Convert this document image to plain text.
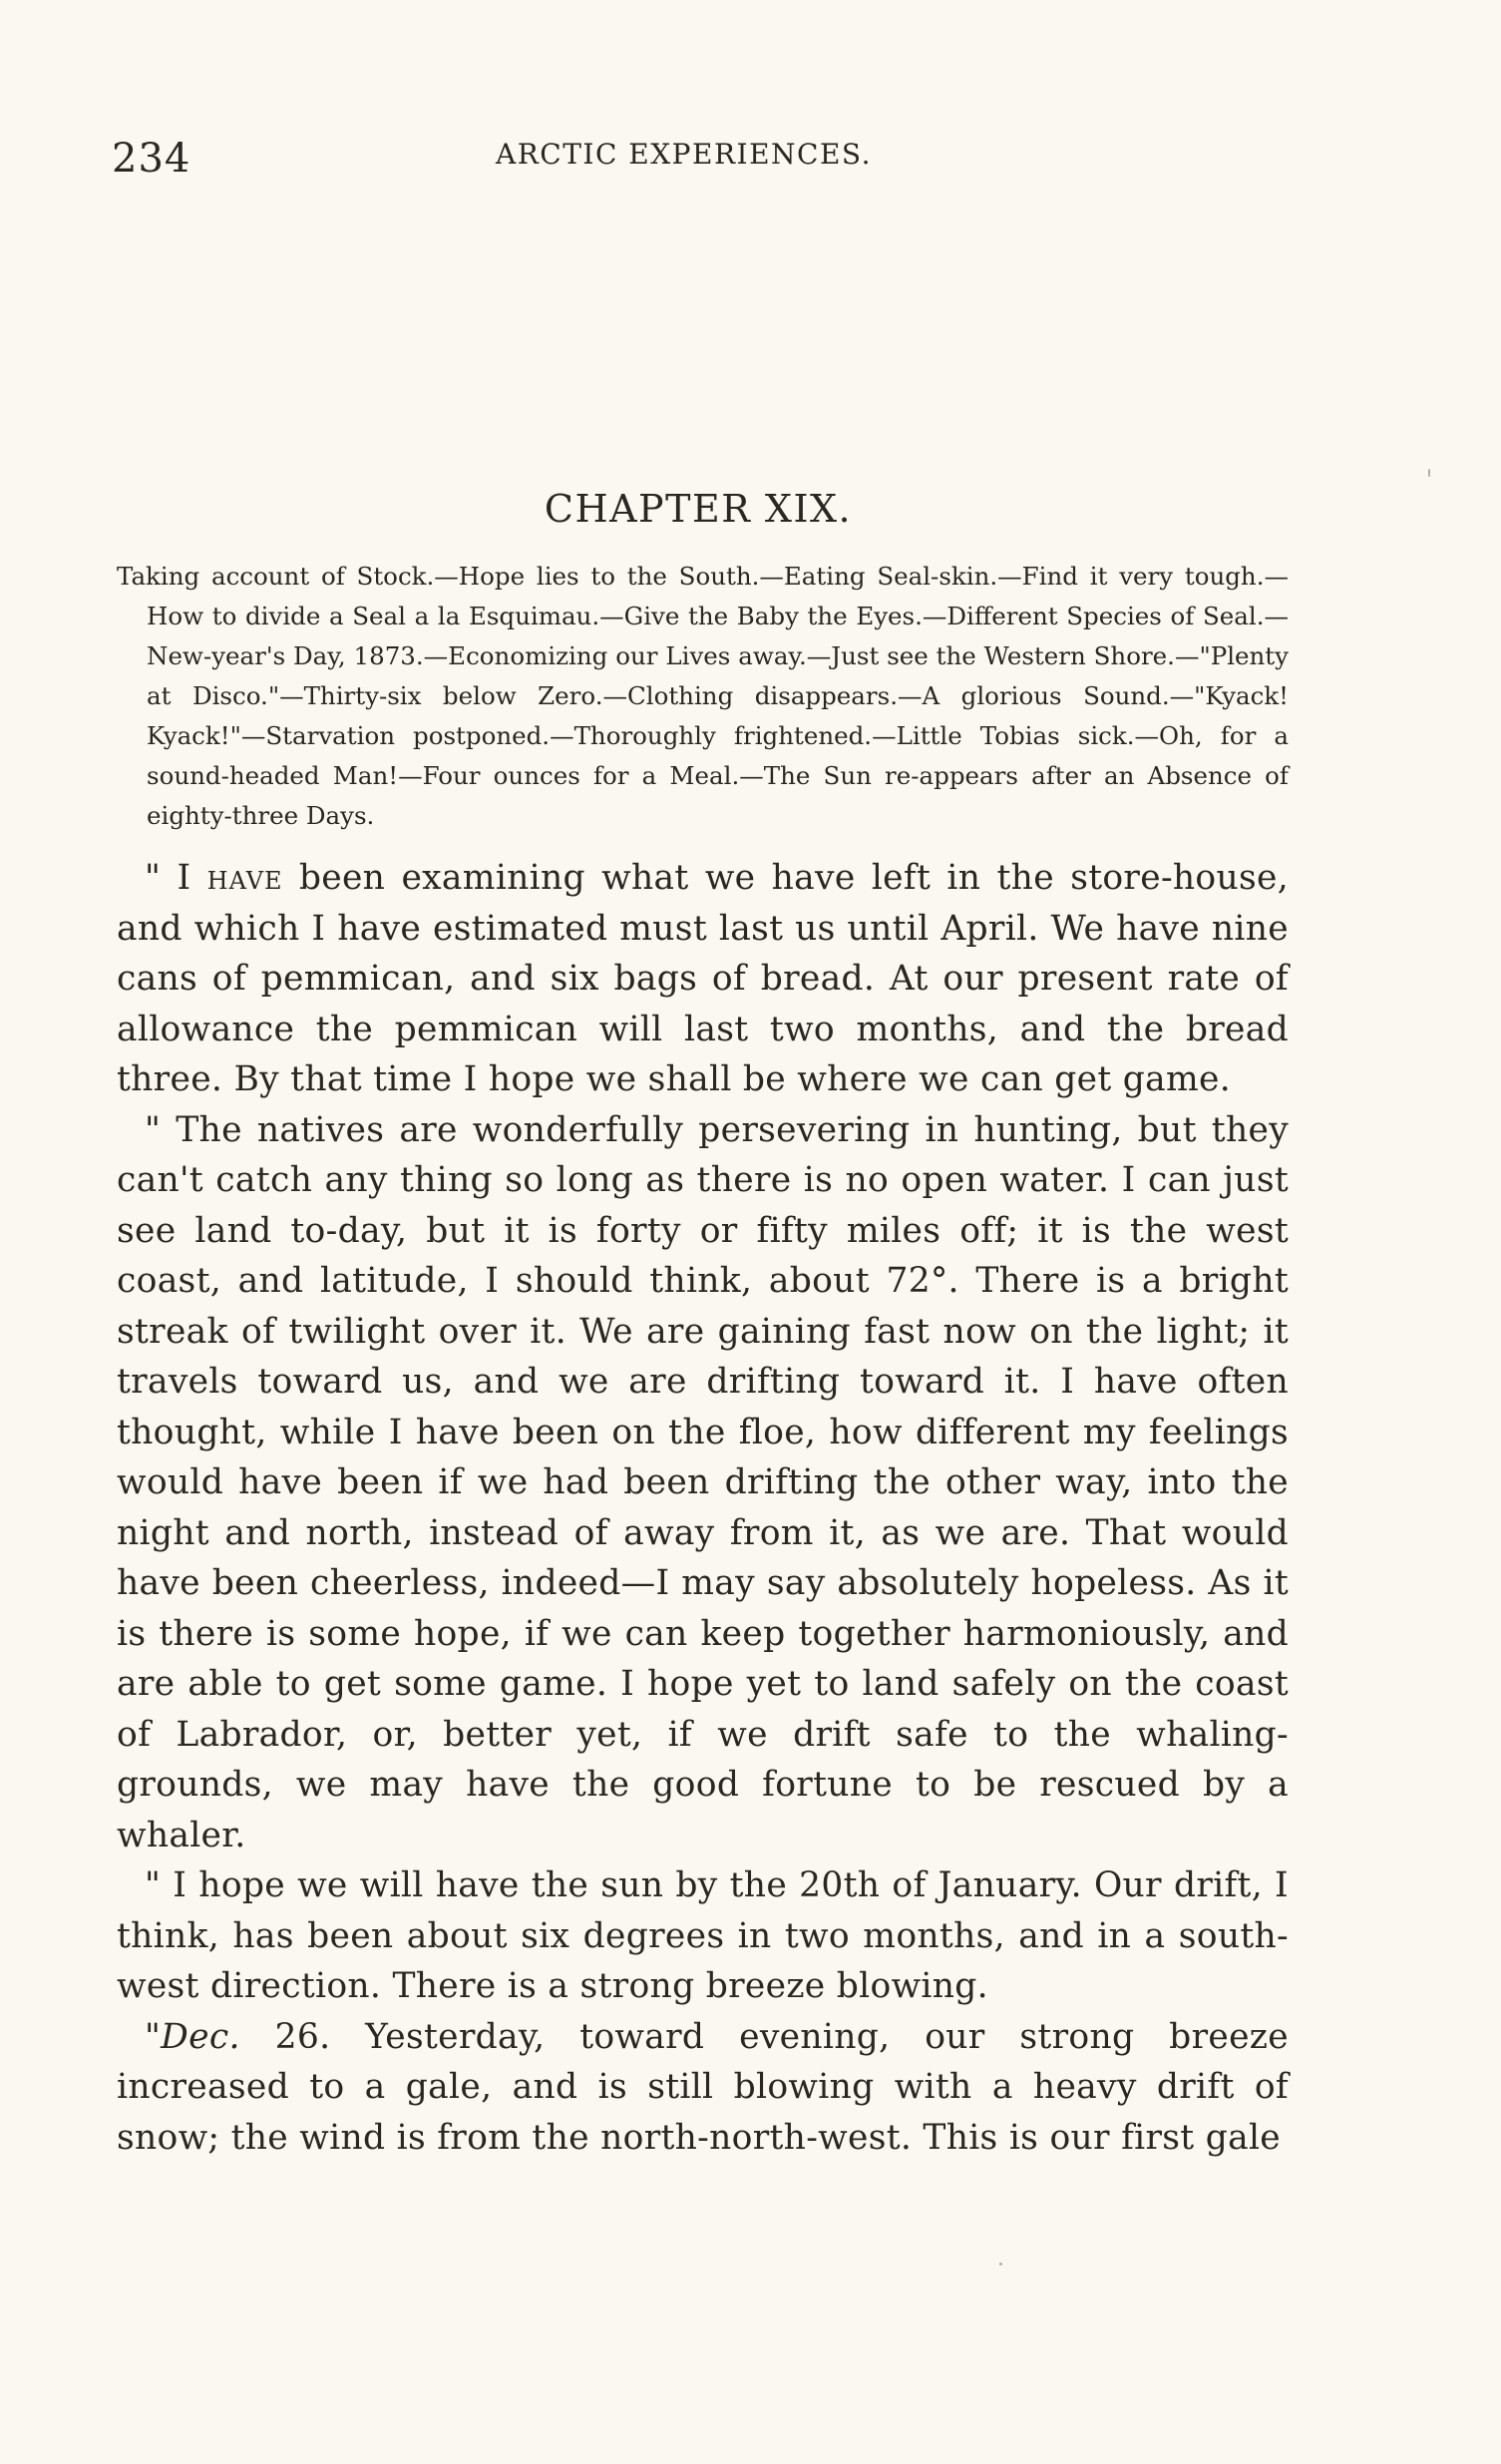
234	ARCTIC EXPERIENCES.
CHAPTER XIX.
Taking account of Stock.—Hope lies to the South.—Eating Seal-skin.—Find it very tough.—How to divide a Seal a la Esquimau.—Give the Baby the Eyes.—Different Species of Seal.—New-year's Day, 1873.—Economizing our Lives away.—Just see the Western Shore.—"Plenty at Disco."—Thirty-six below Zero.—Clothing disappears.—A glorious Sound.—"Kyack! Kyack!"—Starvation postponed.—Thoroughly frightened.—Little Tobias sick.—Oh, for a sound-headed Man!—Four ounces for a Meal.—The Sun re-appears after an Absence of eighty-three Days.

" I have been examining what we have left in the store-house, and which I have estimated must last us until April. We have nine cans of pemmican, and six bags of bread. At our present rate of allowance the pemmican will last two months, and the bread three. By that time I hope we shall be where we can get game.

" The natives are wonderfully persevering in hunting, but they can't catch any thing so long as there is no open water. I can just see land to-day, but it is forty or fifty miles off; it is the west coast, and latitude, I should think, about 72°. There is a bright streak of twilight over it. We are gaining fast now on the light; it travels toward us, and we are drifting toward it. I have often thought, while I have been on the floe, how different my feelings would have been if we had been drifting the other way, into the night and north, instead of away from it, as we are. That would have been cheerless, indeed—I may say absolutely hopeless. As it is there is some hope, if we can keep together harmoniously, and are able to get some game. I hope yet to land safely on the coast of Labrador, or, better yet, if we drift safe to the whaling-grounds, we may have the good fortune to be rescued by a whaler.

" I hope we will have the sun by the 20th of January. Our drift, I think, has been about six degrees in two months, and in a south-west direction. There is a strong breeze blowing.

"Dec. 26. Yesterday, toward evening, our strong breeze increased to a gale, and is still blowing with a heavy drift of snow; the wind is from the north-north-west. This is our first gale
